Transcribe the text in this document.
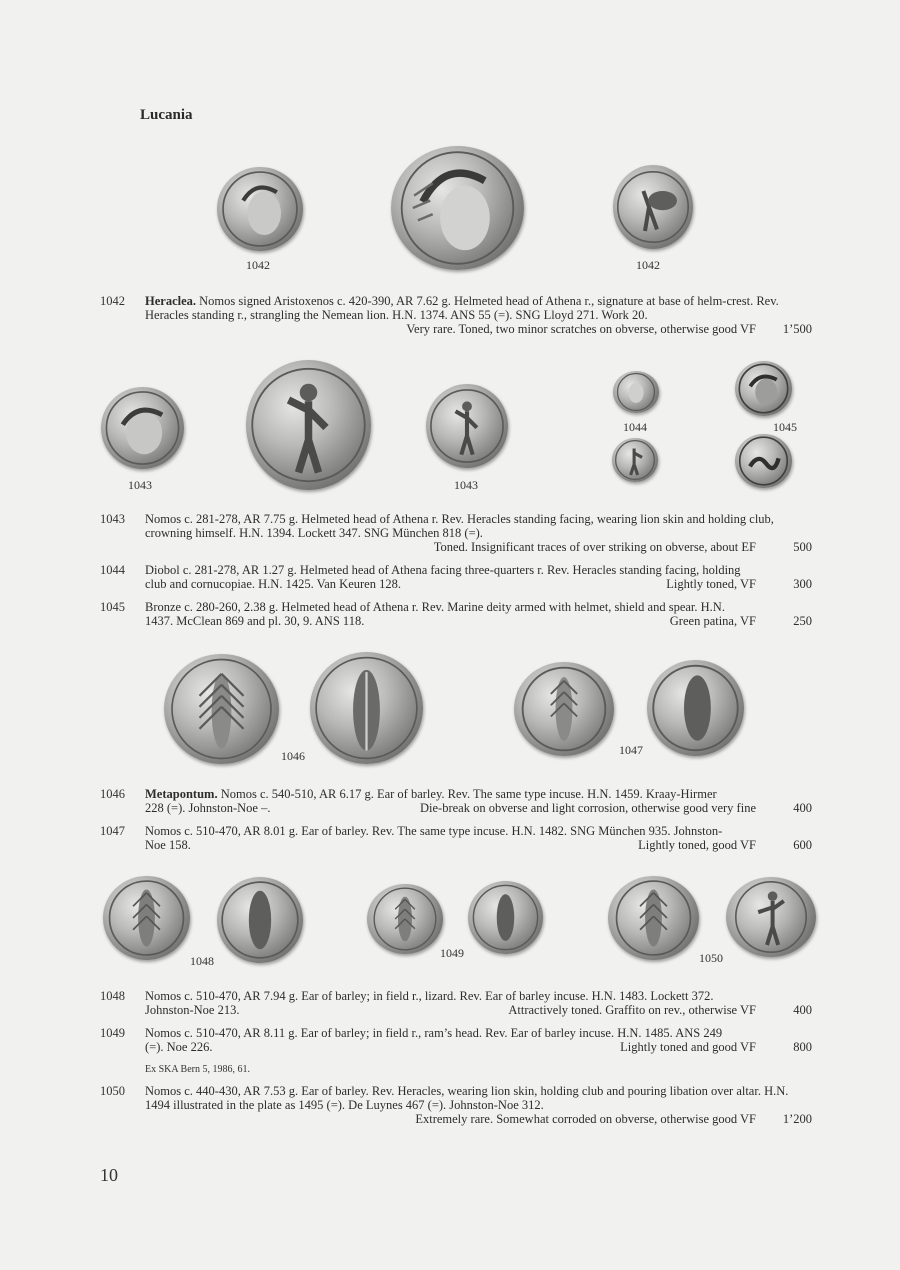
Lucania
1042	1042
1042 Heraclea. Nomos signed Aristoxenos c. 420-390, AR 7.62 g. Helmeted head of Athena r., signature at base of helm-crest. Rev. Heracles standing r., strangling the Nemean lion. H.N. 1374. ANS 55 (=). SNG Lloyd 271. Work 20.
Very rare. Toned, two minor scratches on obverse, otherwise good VF	1’500
1043	1043
1044	1045
1043 Nomos c. 281-278, AR 7.75 g. Helmeted head of Athena r. Rev. Heracles standing facing, wearing lion skin and holding club, crowning himself. H.N. 1394. Lockett 347. SNG München 818 (=).
Toned. Insignificant traces of over striking on obverse, about EF	500
1044 Diobol c. 281-278, AR 1.27 g. Helmeted head of Athena facing three-quarters r. Rev. Heracles standing facing, holding
club and cornucopiae. H.N. 1425. Van Keuren 128.	Lightly toned, VF	300
1045 Bronze c. 280-260, 2.38 g. Helmeted head of Athena r. Rev. Marine deity armed with helmet, shield and spear. H.N.
1437. McClean 869 and pl. 30, 9. ANS 118.	Green patina, VF	250
1046	1047
1046 Metapontum. Nomos c. 540-510, AR 6.17 g. Ear of barley. Rev. The same type incuse. H.N. 1459. Kraay-Hirmer
228 (=). Johnston-Noe –.	Die-break on obverse and light corrosion, otherwise good very fine	400
1047 Nomos c. 510-470, AR 8.01 g. Ear of barley. Rev. The same type incuse. H.N. 1482. SNG München 935. Johnston-
Noe 158.	Lightly toned, good VF	600
1048
1049	1050
1048 Nomos c. 510-470, AR 7.94 g. Ear of barley; in field r., lizard. Rev. Ear of barley incuse. H.N. 1483. Lockett 372.
Johnston-Noe 213.	Attractively toned. Graffito on rev., otherwise VF	400
1049 Nomos c. 510-470, AR 8.11 g. Ear of barley; in field r., ram’s head. Rev. Ear of barley incuse. H.N. 1485. ANS 249
(=). Noe 226.	Lightly toned and good VF	800
Ex SKA Bern 5, 1986, 61.
1050 Nomos c. 440-430, AR 7.53 g. Ear of barley. Rev. Heracles, wearing lion skin, holding club and pouring libation over altar. H.N. 1494 illustrated in the plate as 1495 (=). De Luynes 467 (=). Johnston-Noe 312.
Extremely rare. Somewhat corroded on obverse, otherwise good VF	1’200
10
